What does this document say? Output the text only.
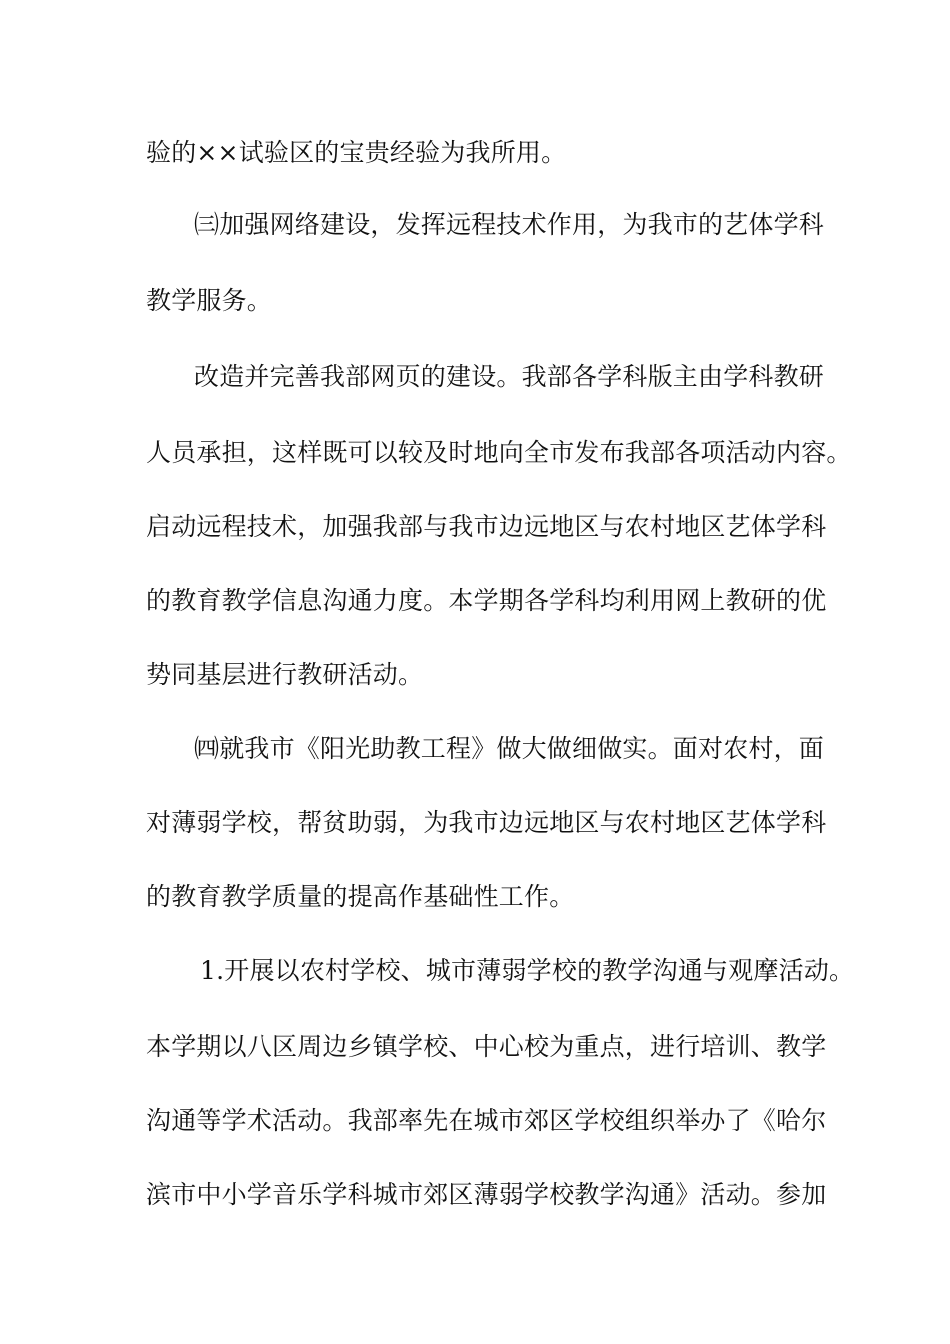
验的××试验区的宝贵经验为我所用。
㈢加强网络建设，发挥远程技术作用，为我市的艺体学科
教学服务。
改造并完善我部网页的建设。我部各学科版主由学科教研
人员承担，这样既可以较及时地向全市发布我部各项活动内容。
启动远程技术，加强我部与我市边远地区与农村地区艺体学科
的教育教学信息沟通力度。本学期各学科均利用网上教研的优
势同基层进行教研活动。
㈣就我市《阳光助教工程》做大做细做实。面对农村，面
对薄弱学校，帮贫助弱，为我市边远地区与农村地区艺体学科
的教育教学质量的提高作基础性工作。
1.开展以农村学校、城市薄弱学校的教学沟通与观摩活动。
本学期以八区周边乡镇学校、中心校为重点，进行培训、教学
沟通等学术活动。我部率先在城市郊区学校组织举办了《哈尔
滨市中小学音乐学科城市郊区薄弱学校教学沟通》活动。参加
